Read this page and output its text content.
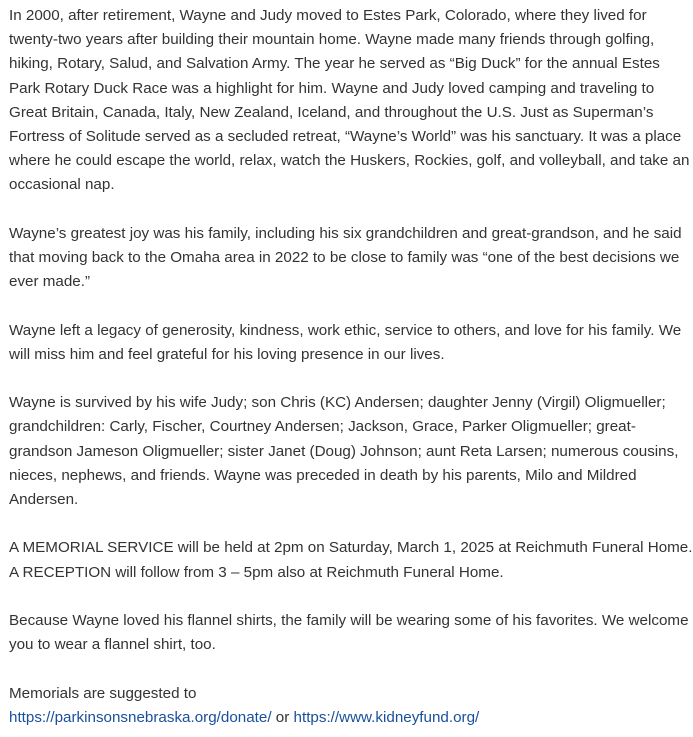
In 2000, after retirement, Wayne and Judy moved to Estes Park, Colorado, where they lived for twenty-two years after building their mountain home. Wayne made many friends through golfing, hiking, Rotary, Salud, and Salvation Army. The year he served as “Big Duck” for the annual Estes Park Rotary Duck Race was a highlight for him. Wayne and Judy loved camping and traveling to Great Britain, Canada, Italy, New Zealand, Iceland, and throughout the U.S. Just as Superman’s Fortress of Solitude served as a secluded retreat, “Wayne’s World” was his sanctuary. It was a place where he could escape the world, relax, watch the Huskers, Rockies, golf, and volleyball, and take an occasional nap.

Wayne’s greatest joy was his family, including his six grandchildren and great-grandson, and he said that moving back to the Omaha area in 2022 to be close to family was “one of the best decisions we ever made.”

Wayne left a legacy of generosity, kindness, work ethic, service to others, and love for his family. We will miss him and feel grateful for his loving presence in our lives.

Wayne is survived by his wife Judy; son Chris (KC) Andersen; daughter Jenny (Virgil) Oligmueller; grandchildren: Carly, Fischer, Courtney Andersen; Jackson, Grace, Parker Oligmueller; great-grandson Jameson Oligmueller; sister Janet (Doug) Johnson; aunt Reta Larsen; numerous cousins, nieces, nephews, and friends. Wayne was preceded in death by his parents, Milo and Mildred Andersen.

A MEMORIAL SERVICE will be held at 2pm on Saturday, March 1, 2025 at Reichmuth Funeral Home. A RECEPTION will follow from 3 – 5pm also at Reichmuth Funeral Home.

Because Wayne loved his flannel shirts, the family will be wearing some of his favorites. We welcome you to wear a flannel shirt, too.

Memorials are suggested to
https://parkinsonsnebraska.org/donate/ or https://www.kidneyfund.org/
